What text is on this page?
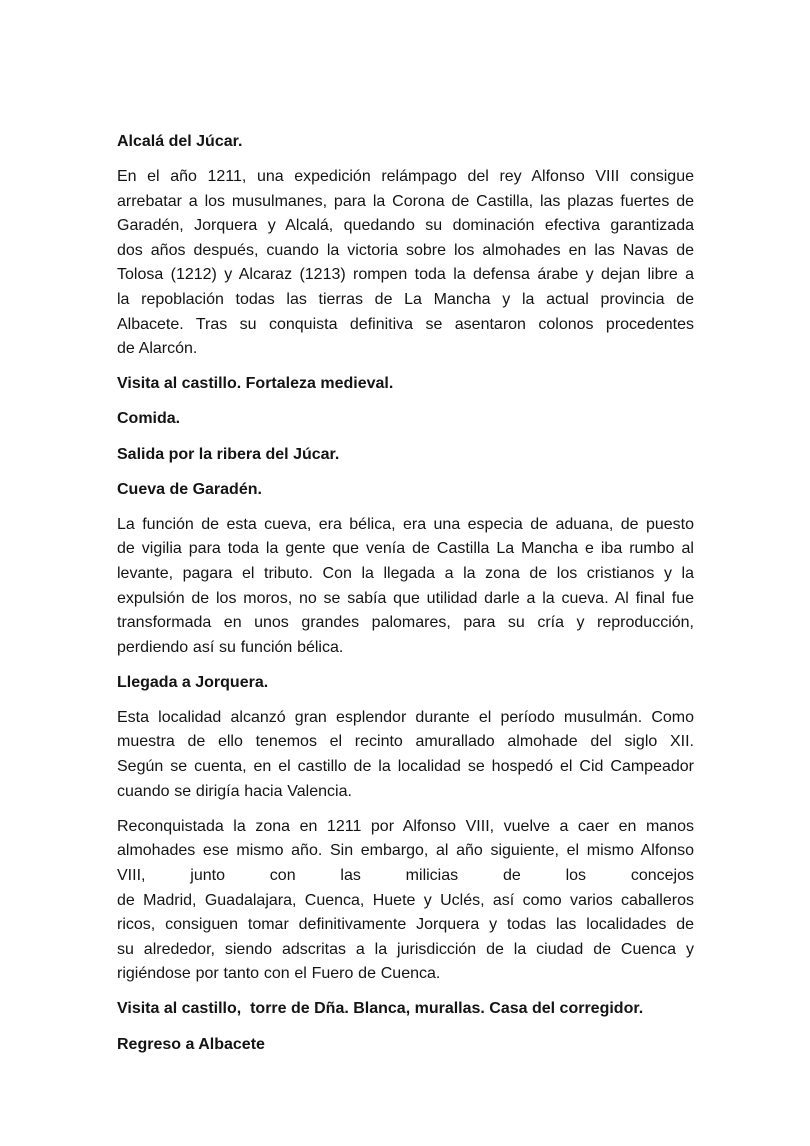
Alcalá del Júcar.
En el año 1211, una expedición relámpago del rey Alfonso VIII consigue
arrebatar a los musulmanes, para la Corona de Castilla, las plazas fuertes de
Garadén, Jorquera y Alcalá, quedando su dominación efectiva garantizada
dos años después, cuando la victoria sobre los almohades en las Navas de
Tolosa (1212) y Alcaraz (1213) rompen toda la defensa árabe y dejan libre a
la repoblación todas las tierras de La Mancha y la actual provincia de
Albacete. Tras su conquista definitiva se asentaron colonos procedentes
de Alarcón.
Visita al castillo. Fortaleza medieval.
Comida.
Salida por la ribera del Júcar.
Cueva de Garadén.
La función de esta cueva, era bélica, era una especia de aduana, de puesto
de vigilia para toda la gente que venía de Castilla La Mancha e iba rumbo al
levante, pagara el tributo. Con la llegada a la zona de los cristianos y la
expulsión de los moros, no se sabía que utilidad darle a la cueva. Al final fue
transformada en unos grandes palomares, para su cría y reproducción,
perdiendo así su función bélica.
Llegada a Jorquera.
Esta localidad alcanzó gran esplendor durante el período musulmán. Como
muestra de ello tenemos el recinto amurallado almohade del siglo XII.
Según se cuenta, en el castillo de la localidad se hospedó el Cid Campeador
cuando se dirigía hacia Valencia.
Reconquistada la zona en 1211 por Alfonso VIII, vuelve a caer en manos
almohades ese mismo año. Sin embargo, al año siguiente, el mismo Alfonso
VIII, junto con las milicias de los concejos
de Madrid, Guadalajara, Cuenca, Huete y Uclés, así como varios caballeros
ricos, consiguen tomar definitivamente Jorquera y todas las localidades de
su alrededor, siendo adscritas a la jurisdicción de la ciudad de Cuenca y
rigiéndose por tanto con el Fuero de Cuenca.
Visita al castillo,  torre de Dña. Blanca, murallas. Casa del corregidor.
Regreso a Albacete
